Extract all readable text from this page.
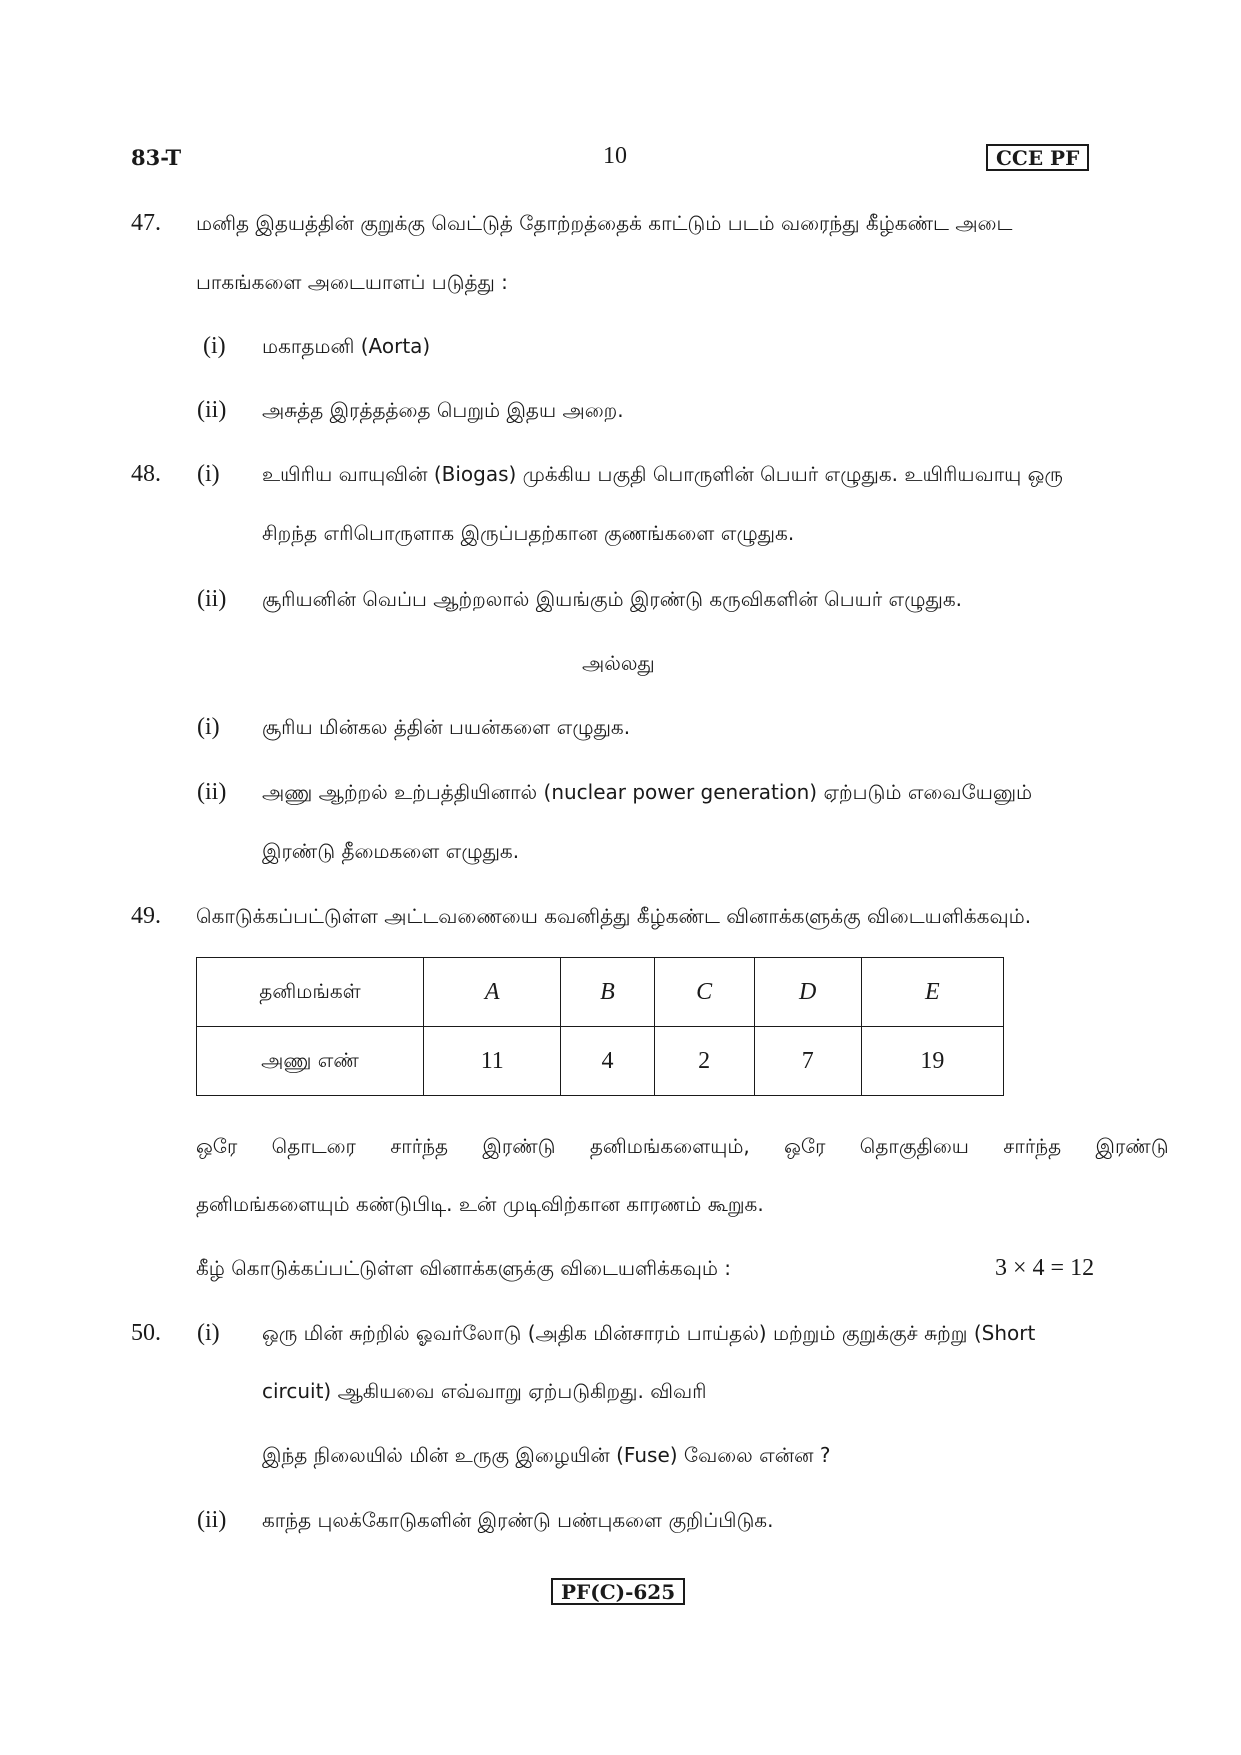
83-T	10	CCE PF
47. மனித இதயத்தின் குறுக்கு வெட்டுத் தோற்றத்தைக் காட்டும் படம் வரைந்து கீழ்கண்ட அடை
பாகங்களை அடையாளப் படுத்து :
(i) மகாதமனி (Aorta)
(ii) அசுத்த இரத்தத்தை பெறும் இதய அறை.
48. (i) உயிரிய வாயுவின் (Biogas) முக்கிய பகுதி பொருளின் பெயர் எழுதுக. உயிரியவாயு ஒரு
சிறந்த எரிபொருளாக இருப்பதற்கான குணங்களை எழுதுக.
(ii) சூரியனின் வெப்ப ஆற்றலால் இயங்கும் இரண்டு கருவிகளின் பெயர் எழுதுக.
அல்லது
(i) சூரிய மின்கல த்தின் பயன்களை எழுதுக.
(ii) அணு ஆற்றல் உற்பத்தியினால் (nuclear power generation) ஏற்படும் எவையேனும்
இரண்டு தீமைகளை எழுதுக.
49. கொடுக்கப்பட்டுள்ள அட்டவணையை கவனித்து கீழ்கண்ட வினாக்களுக்கு விடையளிக்கவும்.
தனிமங்கள்	A	B	C	D	E
அணு எண்	11	4	2	7	19
ஒரே தொடரை சார்ந்த இரண்டு தனிமங்களையும், ஒரே தொகுதியை சார்ந்த இரண்டு
தனிமங்களையும் கண்டுபிடி. உன் முடிவிற்கான காரணம் கூறுக.
கீழ் கொடுக்கப்பட்டுள்ள வினாக்களுக்கு விடையளிக்கவும் :	3 × 4 = 12
50. (i) ஒரு மின் சுற்றில் ஓவர்லோடு (அதிக மின்சாரம் பாய்தல்) மற்றும் குறுக்குச் சுற்று (Short
circuit) ஆகியவை எவ்வாறு ஏற்படுகிறது. விவரி
இந்த நிலையில் மின் உருகு இழையின் (Fuse) வேலை என்ன ?
(ii) காந்த புலக்கோடுகளின் இரண்டு பண்புகளை குறிப்பிடுக.
PF(C)-625
